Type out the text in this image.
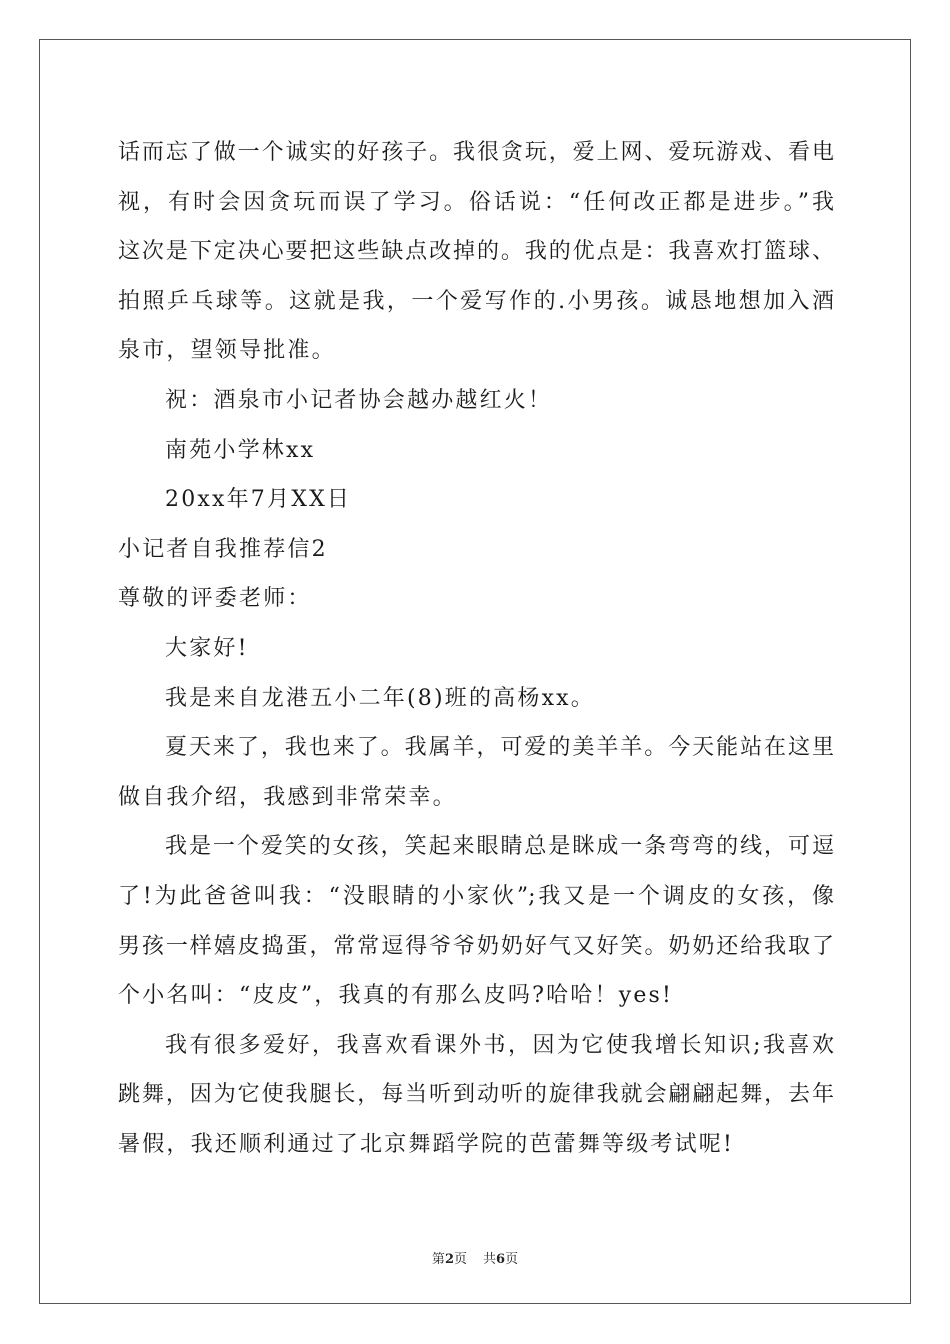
话而忘了做一个诚实的好孩子。我很贪玩，爱上网、爱玩游戏、看电
视，有时会因贪玩而误了学习。俗话说：“任何改正都是进步。”我
这次是下定决心要把这些缺点改掉的。我的优点是：我喜欢打篮球、
拍照乒乓球等。这就是我，一个爱写作的.小男孩。诚恳地想加入酒
泉市，望领导批准。
祝：酒泉市小记者协会越办越红火！
南苑小学林xx
20xx年7月XX日
小记者自我推荐信2
尊敬的评委老师：
大家好!
我是来自龙港五小二年(8)班的高杨xx。
夏天来了，我也来了。我属羊，可爱的美羊羊。今天能站在这里
做自我介绍，我感到非常荣幸。
我是一个爱笑的女孩，笑起来眼睛总是眯成一条弯弯的线，可逗
了!为此爸爸叫我：“没眼睛的小家伙”;我又是一个调皮的女孩，像
男孩一样嬉皮捣蛋，常常逗得爷爷奶奶好气又好笑。奶奶还给我取了
个小名叫：“皮皮”，我真的有那么皮吗?哈哈！yes!
我有很多爱好，我喜欢看课外书，因为它使我增长知识;我喜欢
跳舞，因为它使我腿长，每当听到动听的旋律我就会翩翩起舞，去年
暑假，我还顺利通过了北京舞蹈学院的芭蕾舞等级考试呢!
第2页 共6页
